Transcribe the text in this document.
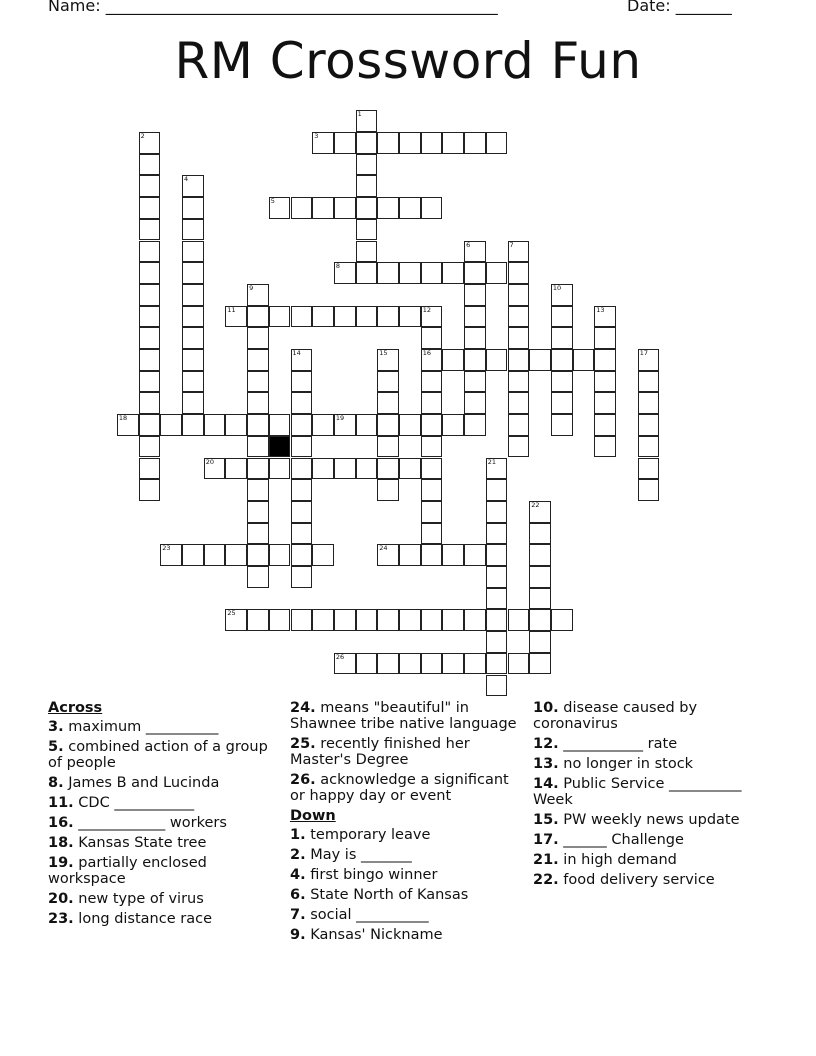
Name: _________________________________________________	Date: _______
RM Crossword Fun
1
2	3
4
5
6	7
8
9	10
11	12
16
13
14	15	17
18	19
20	21
22
23	24
25
26
Across
3. maximum __________
5. combined action of a group of people
8. James B and Lucinda
11. CDC ___________
16. ____________ workers
18. Kansas State tree
19. partially enclosed workspace
20. new type of virus
23. long distance race
24. means "beautiful" in Shawnee tribe native language
25. recently finished her Master's Degree
26. acknowledge a significant or happy day or event
Down
1. temporary leave
2. May is _______
4. first bingo winner
6. State North of Kansas
7. social __________
9. Kansas' Nickname
10. disease caused by coronavirus
12. ___________ rate
13. no longer in stock
14. Public Service __________ Week
15. PW weekly news update
17. ______ Challenge
21. in high demand
22. food delivery service
